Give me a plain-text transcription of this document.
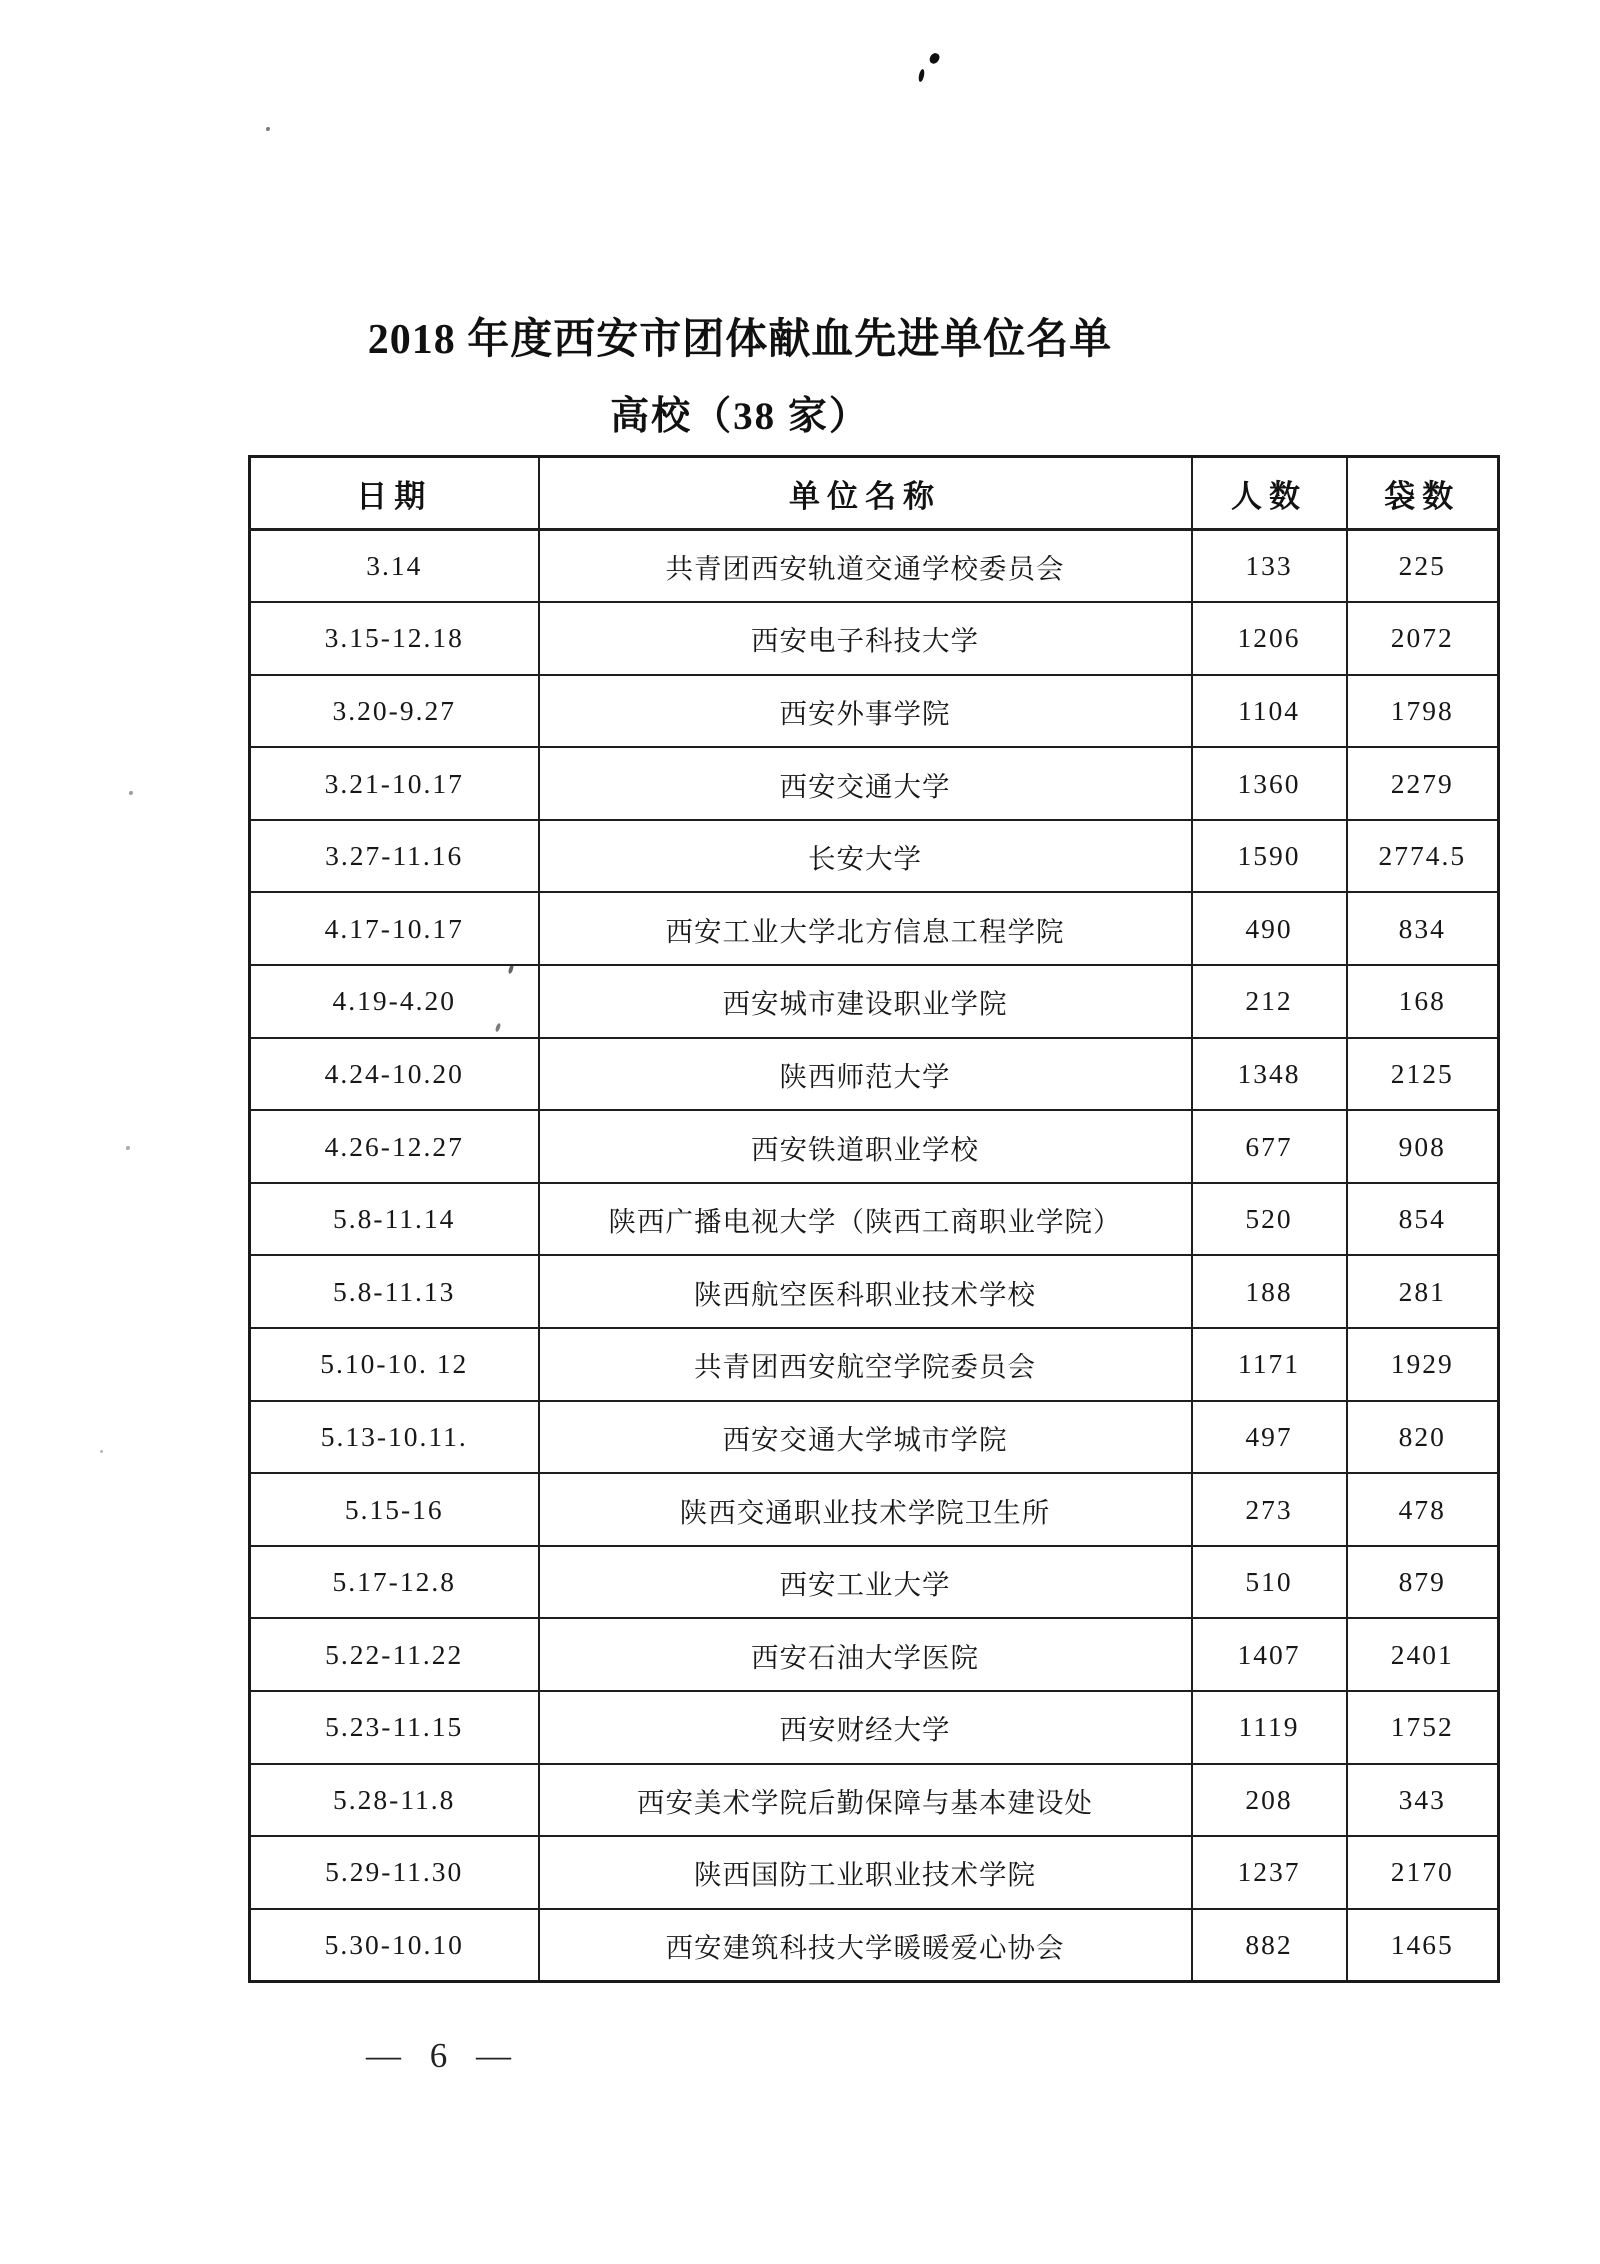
2018 年度西安市团体献血先进单位名单
高校（38 家）
日期	单位名称	人数	袋数
3.14	共青团西安轨道交通学校委员会	133	225
3.15-12.18	西安电子科技大学	1206	2072
3.20-9.27	西安外事学院	1104	1798
3.21-10.17	西安交通大学	1360	2279
3.27-11.16	长安大学	1590	2774.5
4.17-10.17	西安工业大学北方信息工程学院	490	834
4.19-4.20	西安城市建设职业学院	212	168
4.24-10.20	陕西师范大学	1348	2125
4.26-12.27	西安铁道职业学校	677	908
5.8-11.14	陕西广播电视大学（陕西工商职业学院）	520	854
5.8-11.13	陕西航空医科职业技术学校	188	281
5.10-10. 12	共青团西安航空学院委员会	1171	1929
5.13-10.11.	西安交通大学城市学院	497	820
5.15-16	陕西交通职业技术学院卫生所	273	478
5.17-12.8	西安工业大学	510	879
5.22-11.22	西安石油大学医院	1407	2401
5.23-11.15	西安财经大学	1119	1752
5.28-11.8	西安美术学院后勤保障与基本建设处	208	343
5.29-11.30	陕西国防工业职业技术学院	1237	2170
5.30-10.10	西安建筑科技大学暖暖爱心协会	882	1465
— 6 —
